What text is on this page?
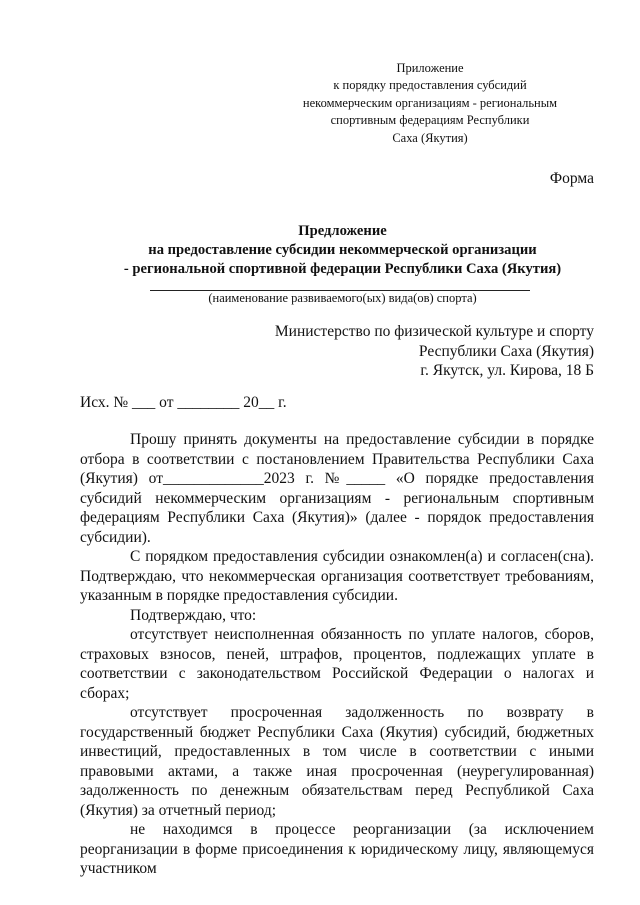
Приложение
к порядку предоставления субсидий
некоммерческим организациям - региональным
спортивным федерациям Республики
Саха (Якутия)
Форма
Предложение
на предоставление субсидии некоммерческой организации
- региональной спортивной федерации Республики Саха (Якутия)
(наименование развиваемого(ых) вида(ов) спорта)
Министерство по физической культуре и спорту
Республики Саха (Якутия)
г. Якутск, ул. Кирова, 18 Б
Исх. № ___ от ________ 20__ г.

Прошу принять документы на предоставление субсидии в порядке отбора в соответствии с постановлением Правительства Республики Саха (Якутия) от_____________2023 г. №_____ «О порядке предоставления субсидий некоммерческим организациям - региональным спортивным федерациям Республики Саха (Якутия)» (далее - порядок предоставления субсидии).

С порядком предоставления субсидии ознакомлен(а) и согласен(сна). Подтверждаю, что некоммерческая организация соответствует требованиям, указанным в порядке предоставления субсидии.

Подтверждаю, что:

отсутствует неисполненная обязанность по уплате налогов, сборов, страховых взносов, пеней, штрафов, процентов, подлежащих уплате в соответствии с законодательством Российской Федерации о налогах и сборах;

отсутствует просроченная задолженность по возврату в государственный бюджет Республики Саха (Якутия) субсидий, бюджетных инвестиций, предоставленных в том числе в соответствии с иными правовыми актами, а также иная просроченная (неурегулированная) задолженность по денежным обязательствам перед Республикой Саха (Якутия) за отчетный период;

не находимся в процессе реорганизации (за исключением реорганизации в форме присоединения к юридическому лицу, являющемуся участником
